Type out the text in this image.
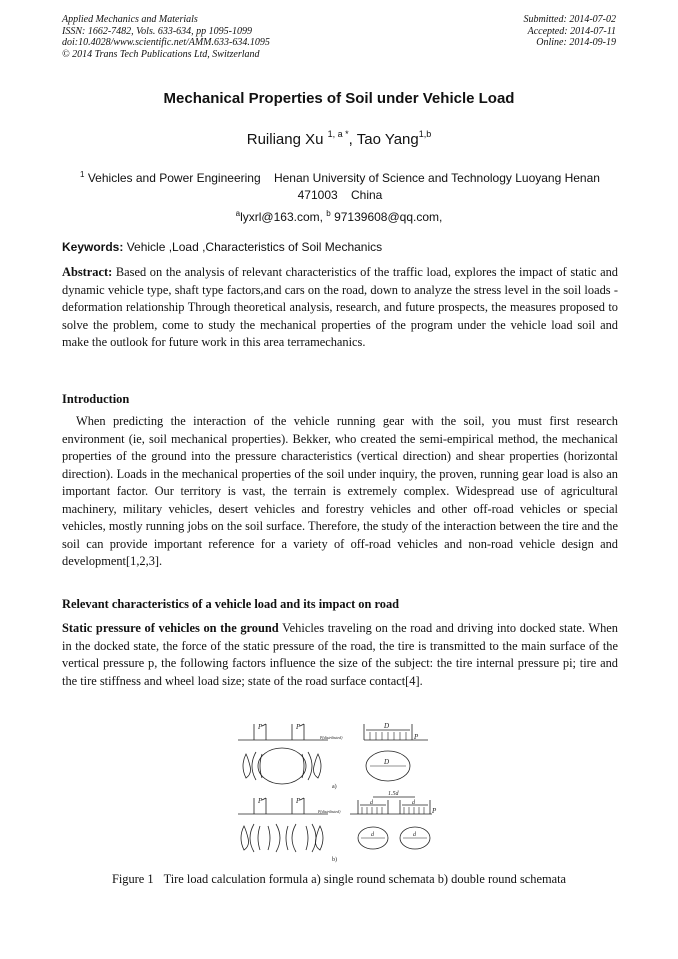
Applied Mechanics and Materials
ISSN: 1662-7482, Vols. 633-634, pp 1095-1099
doi:10.4028/www.scientific.net/AMM.633-634.1095
© 2014 Trans Tech Publications Ltd, Switzerland
Submitted: 2014-07-02
Accepted: 2014-07-11
Online: 2014-09-19
Mechanical Properties of Soil under Vehicle Load
Ruiliang Xu $^{1, a *}$, Tao Yang$^{1,b}$
$^1$ Vehicles and Power Engineering    Henan University of Science and Technology Luoyang Henan
471003    China
$^a$lyxrl@163.com, $^b$ 97139608@qq.com,
Keywords: Vehicle ,Load ,Characteristics of Soil Mechanics
Abstract: Based on the analysis of relevant characteristics of the traffic load, explores the impact of static and dynamic vehicle type, shaft type factors,and cars on the road, down to analyze the stress level in the soil loads -deformation relationship Through theoretical analysis, research, and future prospects, the measures proposed to solve the problem, come to study the mechanical properties of the program under the vehicle load soil and make the outlook for future work in this area terramechanics.
Introduction
When predicting the interaction of the vehicle running gear with the soil, you must first research environment (ie, soil mechanical properties). Bekker, who created the semi-empirical method, the mechanical properties of the ground into the pressure characteristics (vertical direction) and shear properties (horizontal direction). Loads in the mechanical properties of the soil under inquiry, the proven, running gear load is also an important factor. Our territory is vast, the terrain is extremely complex. Widespread use of agricultural machinery, military vehicles, desert vehicles and forestry vehicles and other off-road vehicles or special vehicles, mostly running jobs on the soil surface. Therefore, the study of the interaction between the tire and the soil can provide important reference for a variety of off-road vehicles and non-road vehicle design and development[1,2,3].
Relevant characteristics of a vehicle load and its impact on road
Static pressure of vehicles on the ground Vehicles traveling on the road and driving into docked state. When in the docked state, the force of the static pressure of the road, the tire is transmitted to the main surface of the vertical pressure p, the following factors influence the size of the subject: the tire internal pressure pi; tire and the tire stiffness and wheel load size; state of the road surface contact[4].
P	P
P(distributed)
D
P
D
a)
P	P
P(distributed)
1.5d
d	d
P
d	d
b)
Figure 1 Tire load calculation formula a) single round schemata b) double round schemata
